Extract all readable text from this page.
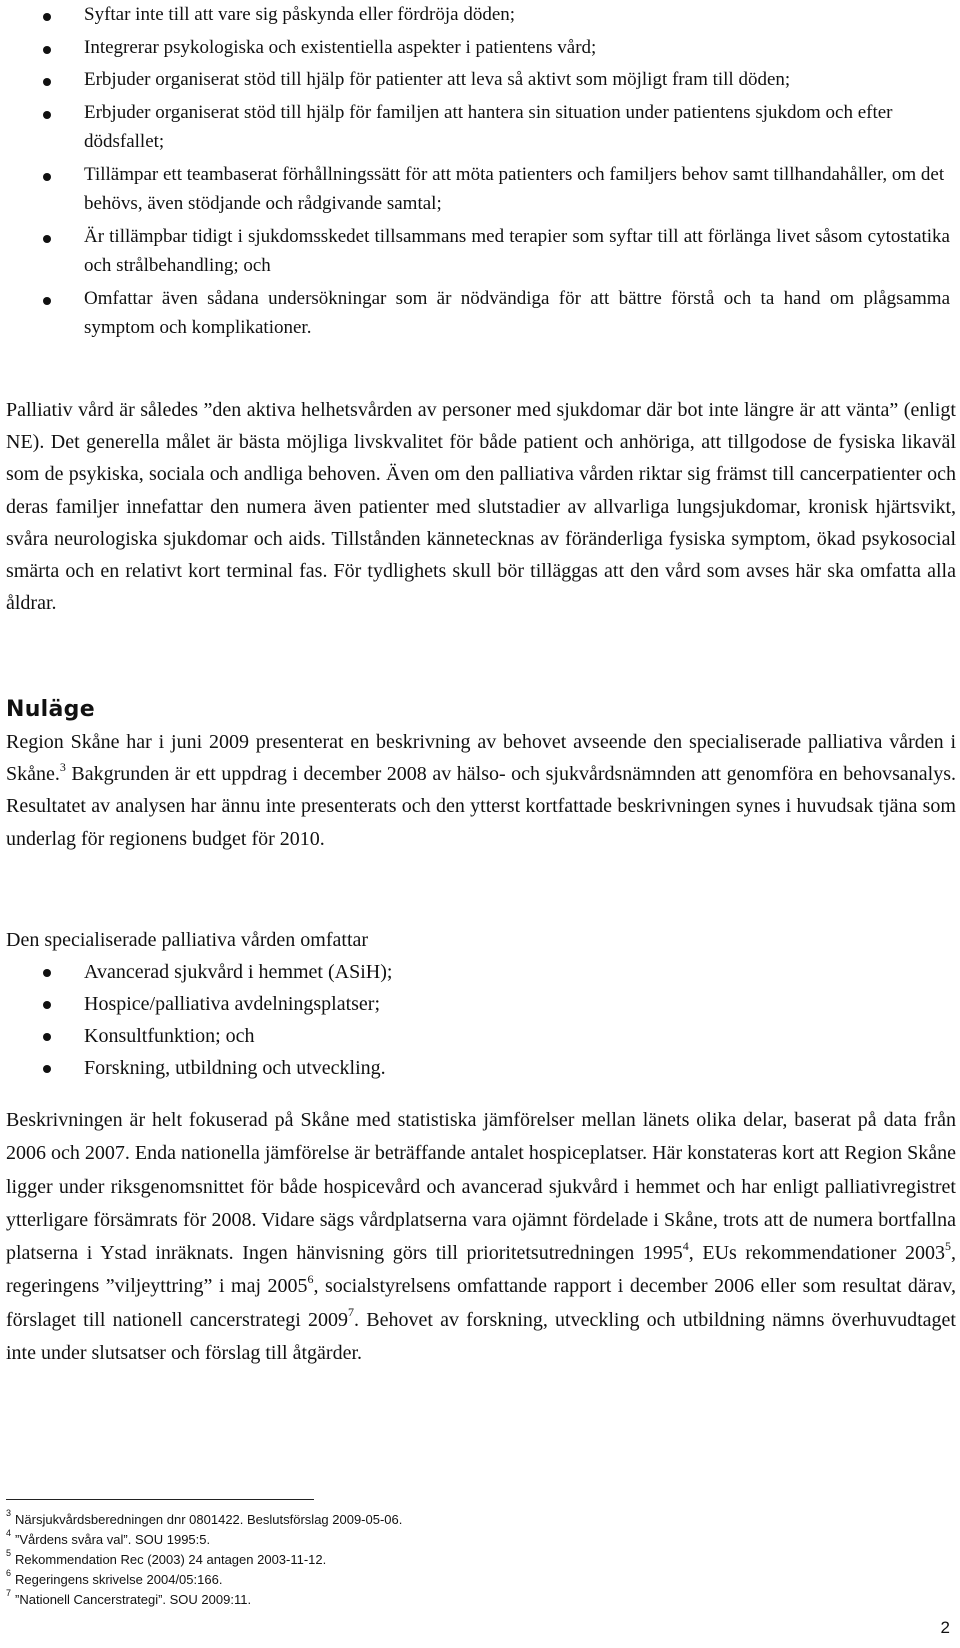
Syftar inte till att vare sig påskynda eller fördröja döden;
Integrerar psykologiska och existentiella aspekter i patientens vård;
Erbjuder organiserat stöd till hjälp för patienter att leva så aktivt som möjligt fram till döden;
Erbjuder organiserat stöd till hjälp för familjen att hantera sin situation under patientens sjukdom och efter dödsfallet;
Tillämpar ett teambaserat förhållningssätt för att möta patienters och familjers behov samt tillhandahåller, om det behövs, även stödjande och rådgivande samtal;
Är tillämpbar tidigt i sjukdomsskedet tillsammans med terapier som syftar till att förlänga livet såsom cytostatika och strålbehandling; och
Omfattar även sådana undersökningar som är nödvändiga för att bättre förstå och ta hand om plågsamma symptom och komplikationer.

Palliativ vård är således ”den aktiva helhetsvården av personer med sjukdomar där bot inte längre är att vänta” (enligt NE). Det generella målet är bästa möjliga livskvalitet för både patient och anhöriga, att tillgodose de fysiska likaväl som de psykiska, sociala och andliga behoven. Även om den palliativa vården riktar sig främst till cancerpatienter och deras familjer innefattar den numera även patienter med slutstadier av allvarliga lungsjukdomar, kronisk hjärtsvikt, svåra neurologiska sjukdomar och aids. Tillstånden kännetecknas av föränderliga fysiska symptom, ökad psykosocial smärta och en relativt kort terminal fas. För tydlighets skull bör tilläggas att den vård som avses här ska omfatta alla åldrar.

Nuläge

Region Skåne har i juni 2009 presenterat en beskrivning av behovet avseende den specialiserade palliativa vården i Skåne.$^3$ Bakgrunden är ett uppdrag i december 2008 av hälso- och sjukvårdsnämnden att genomföra en behovsanalys. Resultatet av analysen har ännu inte presenterats och den ytterst kortfattade beskrivningen synes i huvudsak tjäna som underlag för regionens budget för 2010.

Den specialiserade palliativa vården omfattar

Avancerad sjukvård i hemmet (ASiH);
Hospice/palliativa avdelningsplatser;
Konsultfunktion; och
Forskning, utbildning och utveckling.

Beskrivningen är helt fokuserad på Skåne med statistiska jämförelser mellan länets olika delar, baserat på data från 2006 och 2007. Enda nationella jämförelse är beträffande antalet hospiceplatser. Här konstateras kort att Region Skåne ligger under riksgenomsnittet för både hospicevård och avancerad sjukvård i hemmet och har enligt palliativregistret ytterligare försämrats för 2008. Vidare sägs vårdplatserna vara ojämnt fördelade i Skåne, trots att de numera bortfallna platserna i Ystad inräknats. Ingen hänvisning görs till prioritetsutredningen 1995$^4$, EUs rekommendationer 2003$^5$, regeringens ”viljeyttring” i maj 2005$^6$, socialstyrelsens omfattande rapport i december 2006 eller som resultat därav, förslaget till nationell cancerstrategi 2009$^7$. Behovet av forskning, utveckling och utbildning nämns överhuvudtaget inte under slutsatser och förslag till åtgärder.

$^3$ Närsjukvårdsberedningen dnr 0801422. Beslutsförslag 2009-05-06.
$^4$ ”Vårdens svåra val”. SOU 1995:5.
$^5$ Rekommendation Rec (2003) 24 antagen 2003-11-12.
$^6$ Regeringens skrivelse 2004/05:166.
$^7$ ”Nationell Cancerstrategi”. SOU 2009:11.
2
